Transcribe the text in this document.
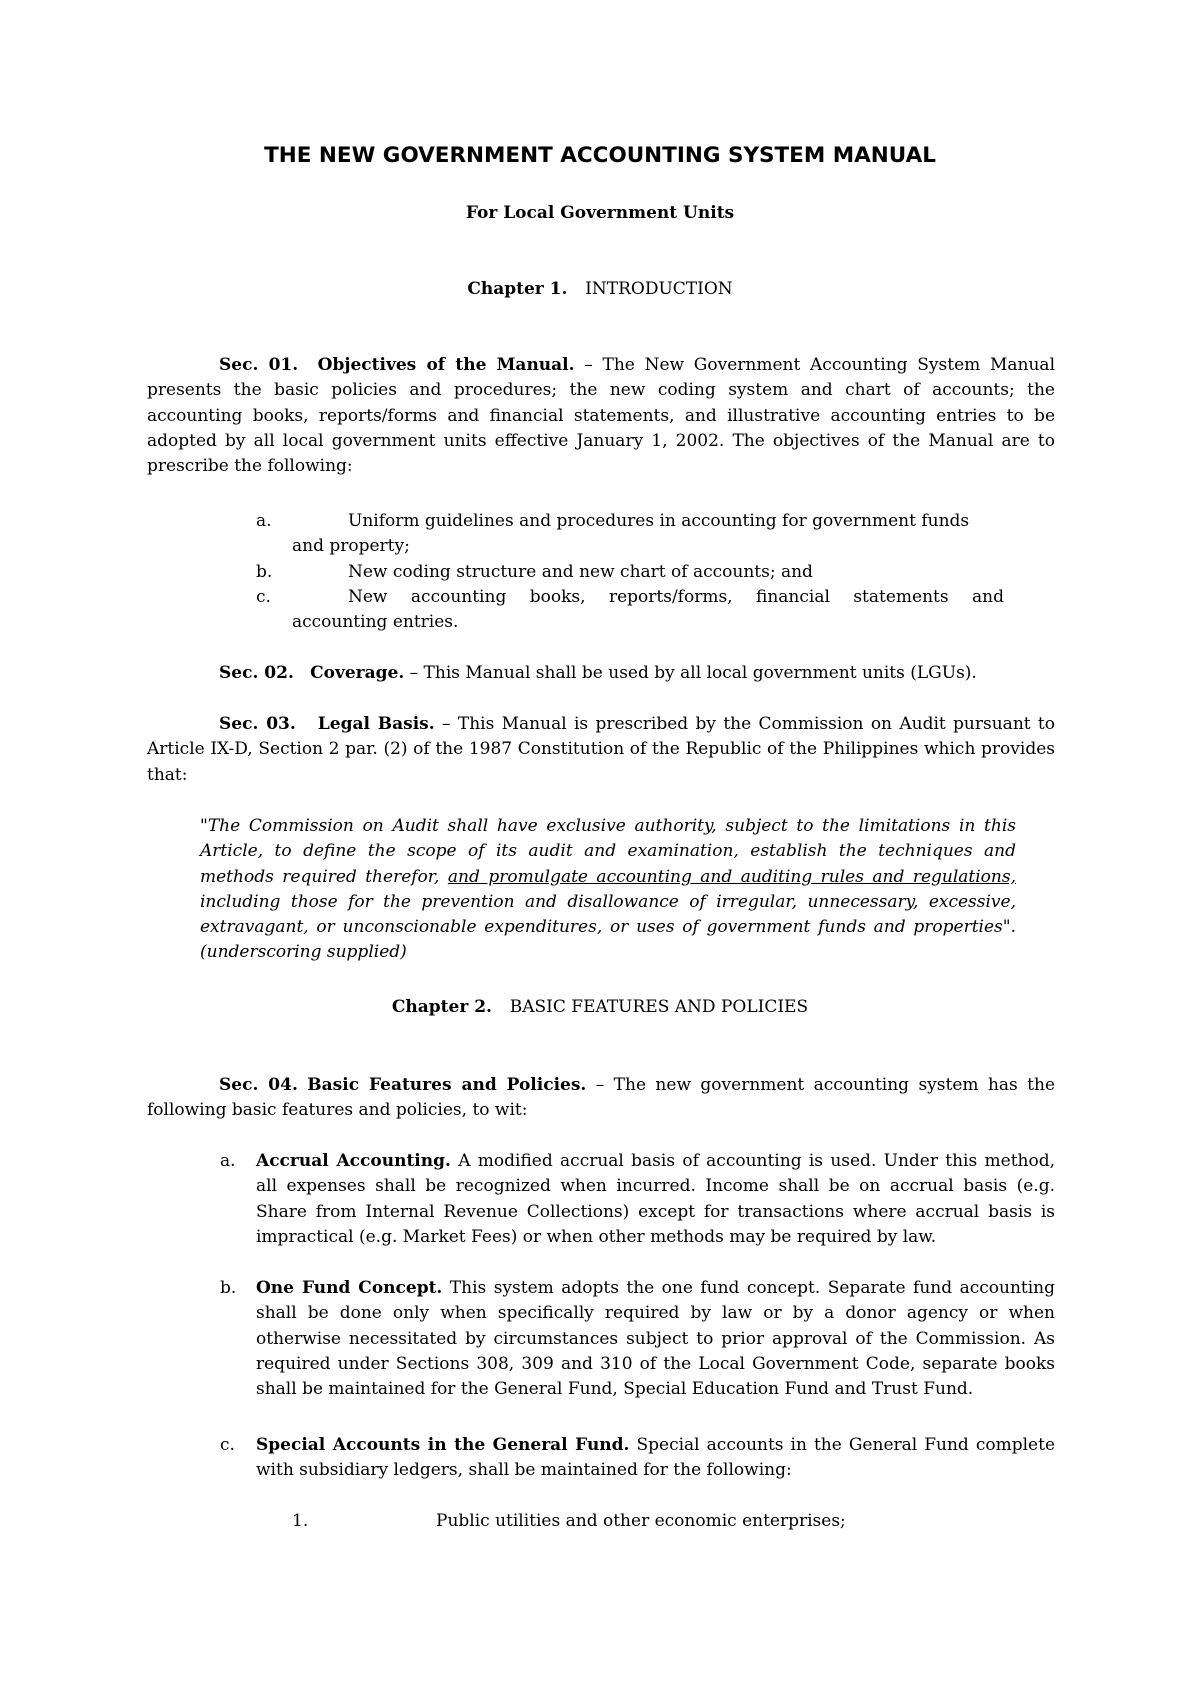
THE NEW GOVERNMENT ACCOUNTING SYSTEM MANUAL
For Local Government Units
Chapter 1. INTRODUCTION
Sec. 01. Objectives of the Manual. – The New Government Accounting System Manual presents the basic policies and procedures; the new coding system and chart of accounts; the accounting books, reports/forms and financial statements, and illustrative accounting entries to be adopted by all local government units effective January 1, 2002. The objectives of the Manual are to prescribe the following:
a.	Uniform guidelines and procedures in accounting for government funds
and property;
b.	New coding structure and new chart of accounts; and
c.	New accounting books, reports/forms, financial statements and
accounting entries.
Sec. 02. Coverage. – This Manual shall be used by all local government units (LGUs).
Sec. 03. Legal Basis. – This Manual is prescribed by the Commission on Audit pursuant to Article IX-D, Section 2 par. (2) of the 1987 Constitution of the Republic of the Philippines which provides that:
"The Commission on Audit shall have exclusive authority, subject to the limitations in this Article, to define the scope of its audit and examination, establish the techniques and methods required therefor, and promulgate accounting and auditing rules and regulations, including those for the prevention and disallowance of irregular, unnecessary, excessive, extravagant, or unconscionable expenditures, or uses of government funds and properties". (underscoring supplied)
Chapter 2. BASIC FEATURES AND POLICIES
Sec. 04. Basic Features and Policies. – The new government accounting system has the following basic features and policies, to wit:
a.	Accrual Accounting. A modified accrual basis of accounting is used. Under this method, all expenses shall be recognized when incurred. Income shall be on accrual basis (e.g. Share from Internal Revenue Collections) except for transactions where accrual basis is impractical (e.g. Market Fees) or when other methods may be required by law.
b.	One Fund Concept. This system adopts the one fund concept. Separate fund accounting shall be done only when specifically required by law or by a donor agency or when otherwise necessitated by circumstances subject to prior approval of the Commission. As required under Sections 308, 309 and 310 of the Local Government Code, separate books shall be maintained for the General Fund, Special Education Fund and Trust Fund.
c.	Special Accounts in the General Fund. Special accounts in the General Fund complete with subsidiary ledgers, shall be maintained for the following:
1.	Public utilities and other economic enterprises;
